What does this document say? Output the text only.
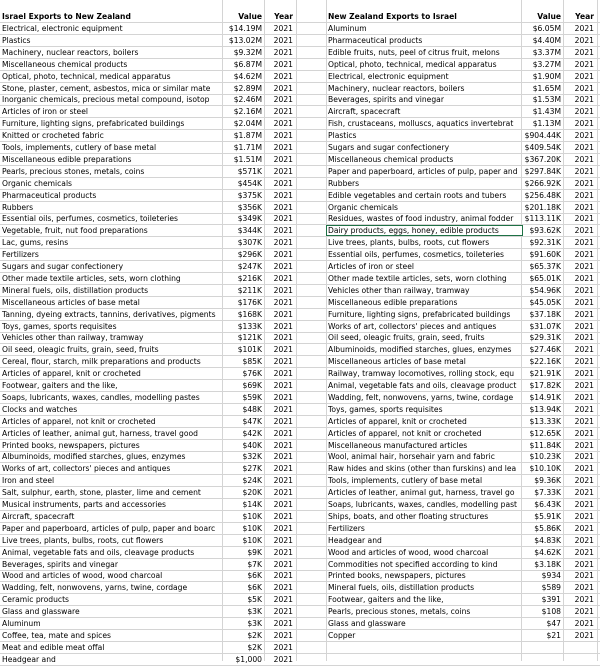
Israel Exports to New Zealand	Value	Year	New Zealand Exports to Israel	Value	Year
Electrical, electronic equipment	$14.19M	2021	Aluminum	$6.05M	2021
Plastics	$13.02M	2021	Pharmaceutical products	$4.40M	2021
Machinery, nuclear reactors, boilers	$9.32M	2021	Edible fruits, nuts, peel of citrus fruit, melons	$3.37M	2021
Miscellaneous chemical products	$6.87M	2021	Optical, photo, technical, medical apparatus	$3.27M	2021
Optical, photo, technical, medical apparatus	$4.62M	2021	Electrical, electronic equipment	$1.90M	2021
Stone, plaster, cement, asbestos, mica or similar mate	$2.89M	2021	Machinery, nuclear reactors, boilers	$1.65M	2021
Inorganic chemicals, precious metal compound, isotop	$2.46M	2021	Beverages, spirits and vinegar	$1.53M	2021
Articles of iron or steel	$2.16M	2021	Aircraft, spacecraft	$1.43M	2021
Furniture, lighting signs, prefabricated buildings	$2.04M	2021	Fish, crustaceans, molluscs, aquatics invertebrat	$1.13M	2021
Knitted or crocheted fabric	$1.87M	2021	Plastics	$904.44K	2021
Tools, implements, cutlery of base metal	$1.71M	2021	Sugars and sugar confectionery	$409.54K	2021
Miscellaneous edible preparations	$1.51M	2021	Miscellaneous chemical products	$367.20K	2021
Pearls, precious stones, metals, coins	$571K	2021	Paper and paperboard, articles of pulp, paper and $297.84K	2021
Organic chemicals	$454K	2021	Rubbers	$266.92K	2021
Pharmaceutical products	$375K	2021	Edible vegetables and certain roots and tubers	$256.48K	2021
Rubbers	$356K	2021	Organic chemicals	$201.18K	2021
Essential oils, perfumes, cosmetics, toileteries	$349K	2021	Residues, wastes of food industry, animal fodder	$113.11K	2021
Vegetable, fruit, nut food preparations	$344K	2021	Dairy products, eggs, honey, edible products	$93.62K	2021
Lac, gums, resins	$307K	2021	Live trees, plants, bulbs, roots, cut flowers	$92.31K	2021
Fertilizers	$296K	2021	Essential oils, perfumes, cosmetics, toileteries	$91.60K	2021
Sugars and sugar confectionery	$247K	2021	Articles of iron or steel	$65.37K	2021
Other made textile articles, sets, worn clothing	$216K	2021	Other made textile articles, sets, worn clothing	$65.01K	2021
Mineral fuels, oils, distillation products	$211K	2021	Vehicles other than railway, tramway	$54.96K	2021
Miscellaneous articles of base metal	$176K	2021	Miscellaneous edible preparations	$45.05K	2021
Tanning, dyeing extracts, tannins, derivatives, pigments	$168K	2021	Furniture, lighting signs, prefabricated buildings	$37.18K	2021
Toys, games, sports requisites	$133K	2021	Works of art, collectors' pieces and antiques	$31.07K	2021
Vehicles other than railway, tramway	$121K	2021	Oil seed, oleagic fruits, grain, seed, fruits	$29.31K	2021
Oil seed, oleagic fruits, grain, seed, fruits	$101K	2021	Albuminoids, modified starches, glues, enzymes	$27.46K	2021
Cereal, flour, starch, milk preparations and products	$85K	2021	Miscellaneous articles of base metal	$22.16K	2021
Articles of apparel, knit or crocheted	$76K	2021	Railway, tramway locomotives, rolling stock, equ	$21.91K	2021
Footwear, gaiters and the like,	$69K	2021	Animal, vegetable fats and oils, cleavage product	$17.82K	2021
Soaps, lubricants, waxes, candles, modelling pastes	$59K	2021	Wadding, felt, nonwovens, yarns, twine, cordage	$14.91K	2021
Clocks and watches	$48K	2021	Toys, games, sports requisites	$13.94K	2021
Articles of apparel, not knit or crocheted	$47K	2021	Articles of apparel, knit or crocheted	$13.33K	2021
Articles of leather, animal gut, harness, travel good	$42K	2021	Articles of apparel, not knit or crocheted	$12.65K	2021
Printed books, newspapers, pictures	$40K	2021	Miscellaneous manufactured articles	$11.84K	2021
Albuminoids, modified starches, glues, enzymes	$32K	2021	Wool, animal hair, horsehair yarn and fabric	$10.23K	2021
Works of art, collectors' pieces and antiques	$27K	2021	Raw hides and skins (other than furskins) and lea	$10.10K	2021
Iron and steel	$24K	2021	Tools, implements, cutlery of base metal	$9.36K	2021
Salt, sulphur, earth, stone, plaster, lime and cement	$20K	2021	Articles of leather, animal gut, harness, travel go	$7.33K	2021
Musical instruments, parts and accessories	$14K	2021	Soaps, lubricants, waxes, candles, modelling past	$6.43K	2021
Aircraft, spacecraft	$10K	2021	Ships, boats, and other floating structures	$5.91K	2021
Paper and paperboard, articles of pulp, paper and boarc	$10K	2021	Fertilizers	$5.86K	2021
Live trees, plants, bulbs, roots, cut flowers	$10K	2021	Headgear and	$4.83K	2021
Animal, vegetable fats and oils, cleavage products	$9K	2021	Wood and articles of wood, wood charcoal	$4.62K	2021
Beverages, spirits and vinegar	$7K	2021	Commodities not specified according to kind	$3.18K	2021
Wood and articles of wood, wood charcoal	$6K	2021	Printed books, newspapers, pictures	$934	2021
Wadding, felt, nonwovens, yarns, twine, cordage	$6K	2021	Mineral fuels, oils, distillation products	$589	2021
Ceramic products	$5K	2021	Footwear, gaiters and the like,	$391	2021
Glass and glassware	$3K	2021	Pearls, precious stones, metals, coins	$108	2021
Aluminum	$3K	2021	Glass and glassware	$47	2021
Coffee, tea, mate and spices	$2K	2021	Copper	$21	2021
Meat and edible meat offal	$2K	2021
Headgear and	$1,000	2021
